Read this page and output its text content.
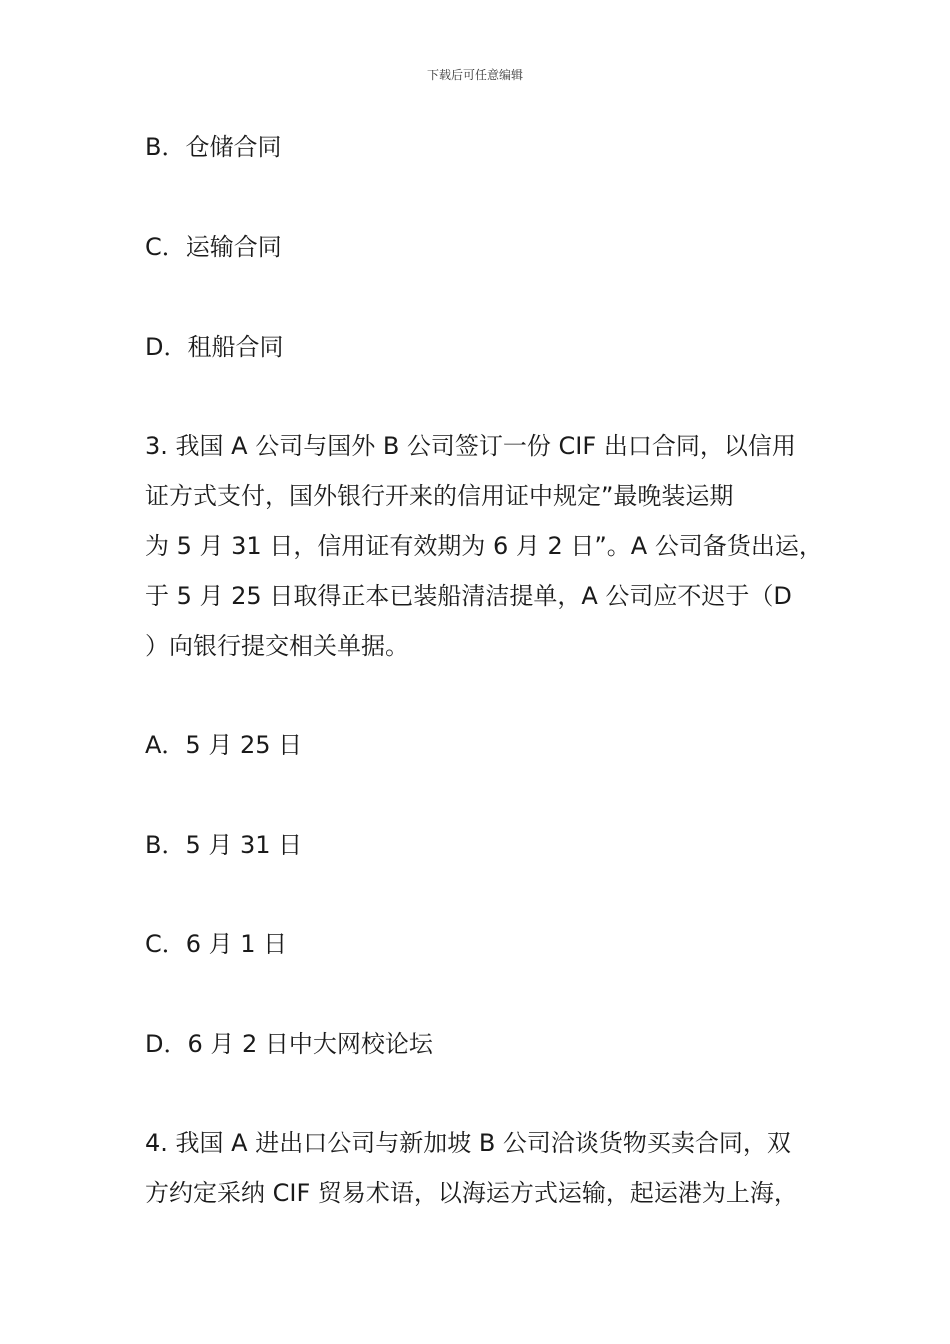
下载后可任意编辑
B．仓储合同
C．运输合同
D．租船合同
3. 我国 A 公司与国外 B 公司签订一份 CIF 出口合同，以信用
证方式支付，国外银行开来的信用证中规定”最晚装运期
为 5 月 31 日，信用证有效期为 6 月 2 日”。A 公司备货出运，
于 5 月 25 日取得正本已装船清洁提单，A 公司应不迟于（D
）向银行提交相关单据。
A．5 月 25 日
B．5 月 31 日
C．6 月 1 日
D．6 月 2 日中大网校论坛
4. 我国 A 进出口公司与新加坡 B 公司洽谈货物买卖合同，双
方约定采纳 CIF 贸易术语，以海运方式运输，起运港为上海，
